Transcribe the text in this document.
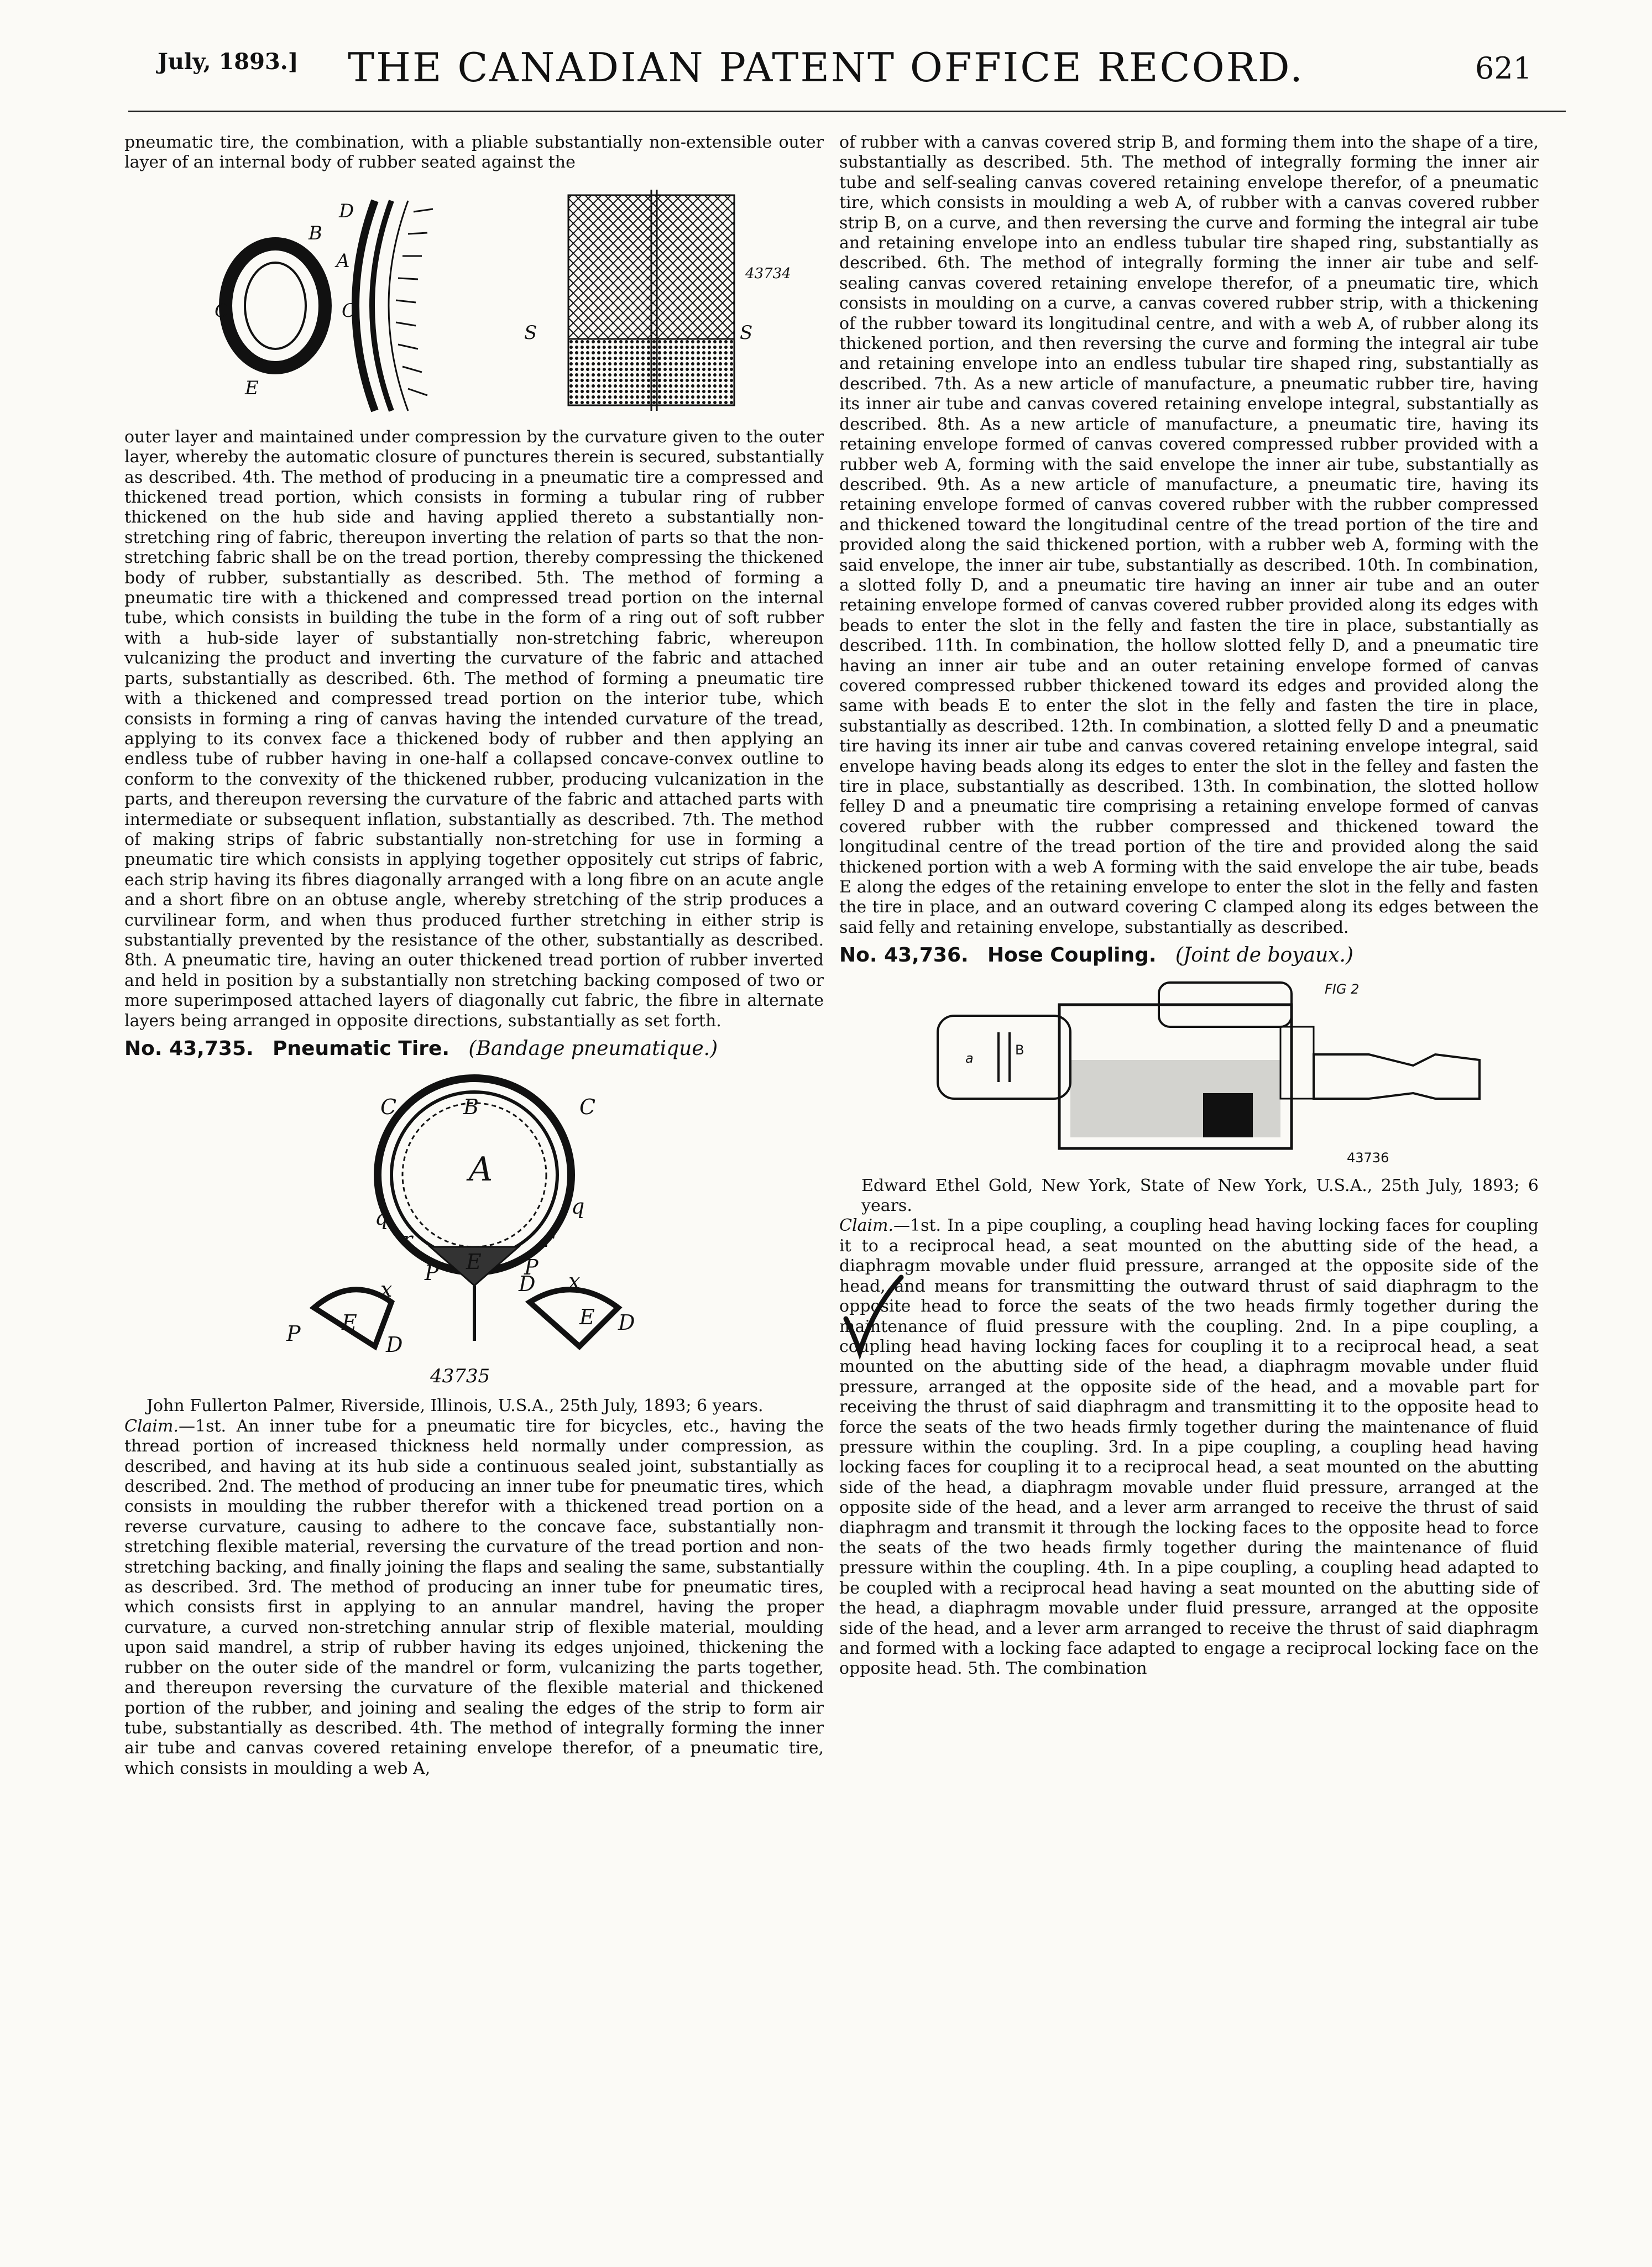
July, 1893.]	THE CANADIAN PATENT OFFICE RECORD.	621

pneumatic tire, the combination, with a pliable substantially non-extensible outer layer of an internal body of rubber seated against the

C
E
C
B
D
A
S	S
43734

outer layer and maintained under compression by the curvature given to the outer layer, whereby the automatic closure of punctures therein is secured, substantially as described. 4th. The method of producing in a pneumatic tire a compressed and thickened tread portion, which consists in forming a tubular ring of rubber thickened on the hub side and having applied thereto a substantially non-stretching ring of fabric, thereupon inverting the relation of parts so that the non-stretching fabric shall be on the tread portion, thereby compressing the thickened body of rubber, substantially as described. 5th. The method of forming a pneumatic tire with a thickened and compressed tread portion on the internal tube, which consists in building the tube in the form of a ring out of soft rubber with a hub-side layer of substantially non-stretching fabric, whereupon vulcanizing the product and inverting the curvature of the fabric and attached parts, substantially as described. 6th. The method of forming a pneumatic tire with a thickened and compressed tread portion on the interior tube, which consists in forming a ring of canvas having the intended curvature of the tread, applying to its convex face a thickened body of rubber and then applying an endless tube of rubber having in one-half a collapsed concave-convex outline to conform to the convexity of the thickened rubber, producing vulcanization in the parts, and thereupon reversing the curvature of the fabric and attached parts with intermediate or subsequent inflation, substantially as described. 7th. The method of making strips of fabric substantially non-stretching for use in forming a pneumatic tire which consists in applying together oppositely cut strips of fabric, each strip having its fibres diagonally arranged with a long fibre on an acute angle and a short fibre on an obtuse angle, whereby stretching of the strip produces a curvilinear form, and when thus produced further stretching in either strip is substantially prevented by the resistance of the other, substantially as described. 8th. A pneumatic tire, having an outer thickened tread portion of rubber inverted and held in position by a substantially non stretching backing composed of two or more superimposed attached layers of diagonally cut fabric, the fibre in alternate layers being arranged in opposite directions, substantially as set forth.

No. 43,735. Pneumatic Tire. (Bandage pneumatique.)
C	B	C
A
q	q
r	r
E
P	P
D
x	x
E	D
D
P
E
43735

John Fullerton Palmer, Riverside, Illinois, U.S.A., 25th July, 1893; 6 years.

Claim.—1st. An inner tube for a pneumatic tire for bicycles, etc., having the thread portion of increased thickness held normally under compression, as described, and having at its hub side a continuous sealed joint, substantially as described. 2nd. The method of producing an inner tube for pneumatic tires, which consists in moulding the rubber therefor with a thickened tread portion on a reverse curvature, causing to adhere to the concave face, substantially non-stretching flexible material, reversing the curvature of the tread portion and non-stretching backing, and finally joining the flaps and sealing the same, substantially as described. 3rd. The method of producing an inner tube for pneumatic tires, which consists first in applying to an annular mandrel, having the proper curvature, a curved non-stretching annular strip of flexible material, moulding upon said mandrel, a strip of rubber having its edges unjoined, thickening the rubber on the outer side of the mandrel or form, vulcanizing the parts together, and thereupon reversing the curvature of the flexible material and thickened portion of the rubber, and joining and sealing the edges of the strip to form air tube, substantially as described. 4th. The method of integrally forming the inner air tube and canvas covered retaining envelope therefor, of a pneumatic tire, which consists in moulding a web A,

of rubber with a canvas covered strip B, and forming them into the shape of a tire, substantially as described. 5th. The method of integrally forming the inner air tube and self-sealing canvas covered retaining envelope therefor, of a pneumatic tire, which consists in moulding a web A, of rubber with a canvas covered rubber strip B, on a curve, and then reversing the curve and forming the integral air tube and retaining envelope into an endless tubular tire shaped ring, substantially as described. 6th. The method of integrally forming the inner air tube and self-sealing canvas covered retaining envelope therefor, of a pneumatic tire, which consists in moulding on a curve, a canvas covered rubber strip, with a thickening of the rubber toward its longitudinal centre, and with a web A, of rubber along its thickened portion, and then reversing the curve and forming the integral air tube and retaining envelope into an endless tubular tire shaped ring, substantially as described. 7th. As a new article of manufacture, a pneumatic rubber tire, having its inner air tube and canvas covered retaining envelope integral, substantially as described. 8th. As a new article of manufacture, a pneumatic tire, having its retaining envelope formed of canvas covered compressed rubber provided with a rubber web A, forming with the said envelope the inner air tube, substantially as described. 9th. As a new article of manufacture, a pneumatic tire, having its retaining envelope formed of canvas covered rubber with the rubber compressed and thickened toward the longitudinal centre of the tread portion of the tire and provided along the said thickened portion, with a rubber web A, forming with the said envelope, the inner air tube, substantially as described. 10th. In combination, a slotted folly D, and a pneumatic tire having an inner air tube and an outer retaining envelope formed of canvas covered rubber provided along its edges with beads to enter the slot in the felly and fasten the tire in place, substantially as described. 11th. In combination, the hollow slotted felly D, and a pneumatic tire having an inner air tube and an outer retaining envelope formed of canvas covered compressed rubber thickened toward its edges and provided along the same with beads E to enter the slot in the felly and fasten the tire in place, substantially as described. 12th. In combination, a slotted felly D and a pneumatic tire having its inner air tube and canvas covered retaining envelope integral, said envelope having beads along its edges to enter the slot in the felley and fasten the tire in place, substantially as described. 13th. In combination, the slotted hollow felley D and a pneumatic tire comprising a retaining envelope formed of canvas covered rubber with the rubber compressed and thickened toward the longitudinal centre of the tread portion of the tire and provided along the said thickened portion with a web A forming with the said envelope the air tube, beads E along the edges of the retaining envelope to enter the slot in the felly and fasten the tire in place, and an outward covering C clamped along its edges between the said felly and retaining envelope, substantially as described.

No. 43,736. Hose Coupling. (Joint de boyaux.)
FIG 2
a
B
43736

Edward Ethel Gold, New York, State of New York, U.S.A., 25th July, 1893; 6 years.

Claim.—1st. In a pipe coupling, a coupling head having locking faces for coupling it to a reciprocal head, a seat mounted on the abutting side of the head, a diaphragm movable under fluid pressure, arranged at the opposite side of the head, and means for transmitting the outward thrust of said diaphragm to the opposite head to force the seats of the two heads firmly together during the maintenance of fluid pressure with the coupling. 2nd. In a pipe coupling, a coupling head having locking faces for coupling it to a reciprocal head, a seat mounted on the abutting side of the head, a diaphragm movable under fluid pressure, arranged at the opposite side of the head, and a movable part for receiving the thrust of said diaphragm and transmitting it to the opposite head to force the seats of the two heads firmly together during the maintenance of fluid pressure within the coupling. 3rd. In a pipe coupling, a coupling head having locking faces for coupling it to a reciprocal head, a seat mounted on the abutting side of the head, a diaphragm movable under fluid pressure, arranged at the opposite side of the head, and a lever arm arranged to receive the thrust of said diaphragm and transmit it through the locking faces to the opposite head to force the seats of the two heads firmly together during the maintenance of fluid pressure within the coupling. 4th. In a pipe coupling, a coupling head adapted to be coupled with a reciprocal head having a seat mounted on the abutting side of the head, a diaphragm movable under fluid pressure, arranged at the opposite side of the head, and a lever arm arranged to receive the thrust of said diaphragm and formed with a locking face adapted to engage a reciprocal locking face on the opposite head. 5th. The combination
